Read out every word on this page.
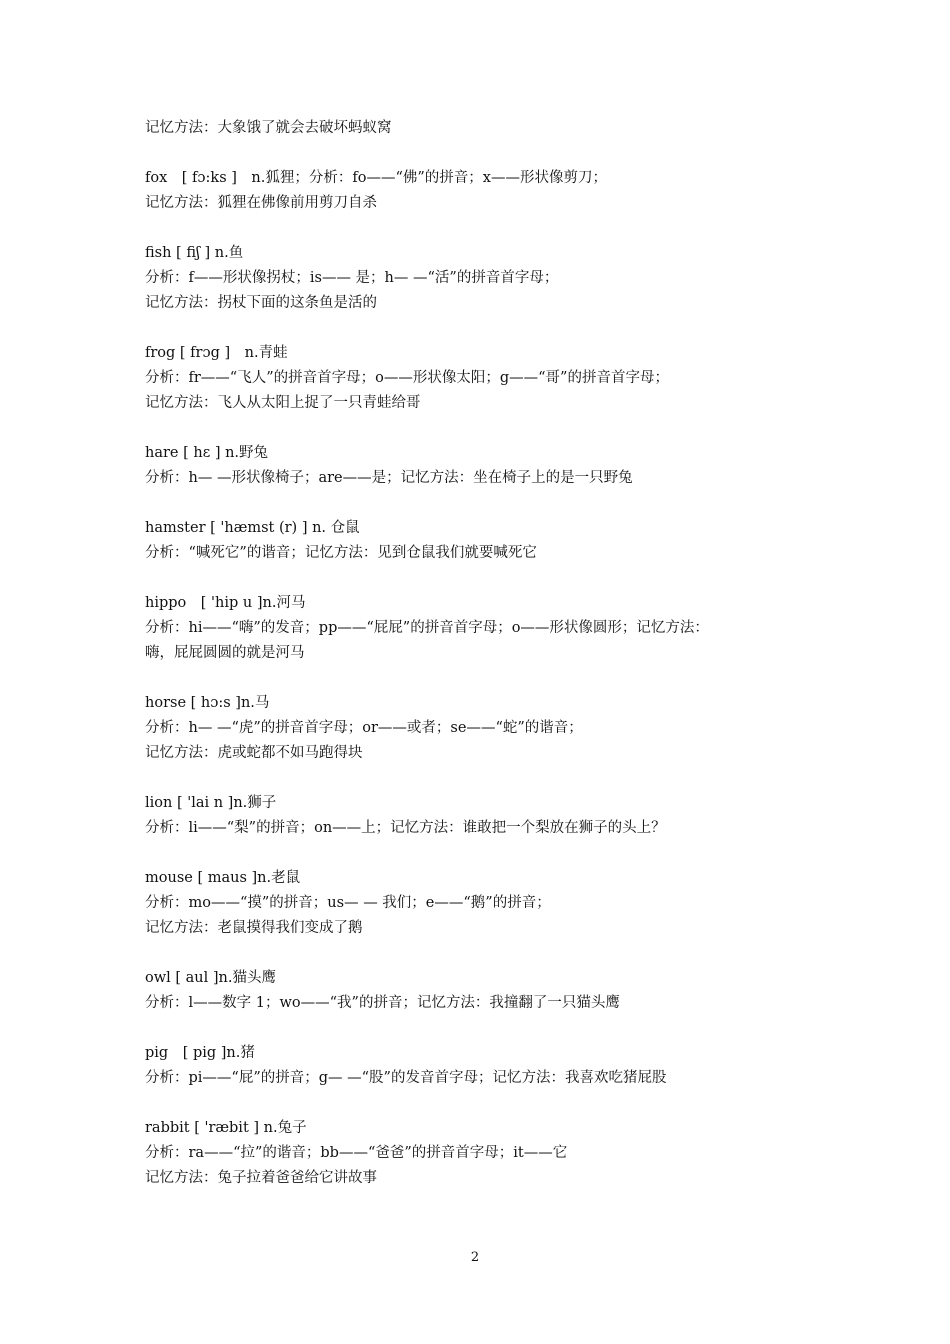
记忆方法：大象饿了就会去破坏蚂蚁窝
fox　[ fɔ:ks ]　n.狐狸；分析：fo——“佛”的拼音；x——形状像剪刀；
记忆方法：狐狸在佛像前用剪刀自杀
fish [ fiʃ ] n.鱼
分析：f——形状像拐杖；is—— 是；h— —“活”的拼音首字母；
记忆方法：拐杖下面的这条鱼是活的
frog [ frɔg ]　n.青蛙
分析：fr——“飞人”的拼音首字母；o——形状像太阳；g——“哥”的拼音首字母；
记忆方法：飞人从太阳上捉了一只青蛙给哥
hare [ hɛ ] n.野兔
分析：h— —形状像椅子；are——是；记忆方法：坐在椅子上的是一只野兔
hamster [ 'hæmst (r) ] n. 仓鼠
分析：“喊死它”的谐音；记忆方法：见到仓鼠我们就要喊死它
hippo　[ 'hip u ]n.河马
分析：hi——“嗨”的发音；pp——“屁屁”的拼音首字母；o——形状像圆形；记忆方法：
嗨，屁屁圆圆的就是河马
horse [ hɔ:s ]n.马
分析：h— —“虎”的拼音首字母；or——或者；se——“蛇”的谐音；
记忆方法：虎或蛇都不如马跑得块
lion [ 'lai n ]n.狮子
分析：li——“梨”的拼音；on——上；记忆方法：谁敢把一个梨放在狮子的头上？
mouse [ maus ]n.老鼠
分析：mo——“摸”的拼音；us— — 我们；e——“鹅”的拼音；
记忆方法：老鼠摸得我们变成了鹅
owl [ aul ]n.猫头鹰
分析：l——数字 1；wo——“我”的拼音；记忆方法：我撞翻了一只猫头鹰
pig　[ pig ]n.猪
分析：pi——“屁”的拼音；g— —“股”的发音首字母；记忆方法：我喜欢吃猪屁股
rabbit [ 'ræbit ] n.兔子
分析：ra——“拉”的谐音；bb——“爸爸”的拼音首字母；it——它
记忆方法：兔子拉着爸爸给它讲故事
2
